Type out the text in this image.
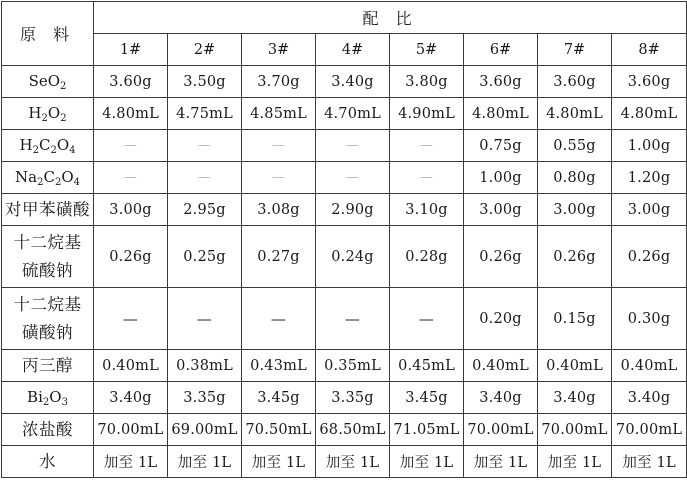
原 料	配 比							
	1#	2#	3#	4#	5#	6#	7#	8#
SeO$_2$	3.60g	3.50g	3.70g	3.40g	3.80g	3.60g	3.60g	3.60g
$H_2O_2$	4.80mL	4.75mL	4.85mL	4.70mL	4.90mL	4.80mL	4.80mL	4.80mL
$H_2C_2O_4$	—	—	—	—	—	0.75g	0.55g	1.00g
$Na_2C_2O_4$	—	—	—	—	—	1.00g	0.80g	1.20g
对甲苯磺酸	3.00g	2.95g	3.08g	2.90g	3.10g	3.00g	3.00g	3.00g
十二烷基
硫酸钠	0.26g	0.25g	0.27g	0.24g	0.28g	0.26g	0.26g	0.26g
十二烷基
磺酸钠	—	—	—	—	—	0.20g	0.15g	0.30g
丙三醇	0.40mL	0.38mL	0.43mL	0.35mL	0.45mL	0.40mL	0.40mL	0.40mL
$Bi_2O_3$	3.40g	3.35g	3.45g	3.35g	3.45g	3.40g	3.40g	3.40g
浓盐酸	70.00mL	69.00mL	70.50mL	68.50mL	71.05mL	70.00mL	70.00mL	70.00mL
水	加至 1L	加至 1L	加至 1L	加至 1L	加至 1L	加至 1L	加至 1L	加至 1L
